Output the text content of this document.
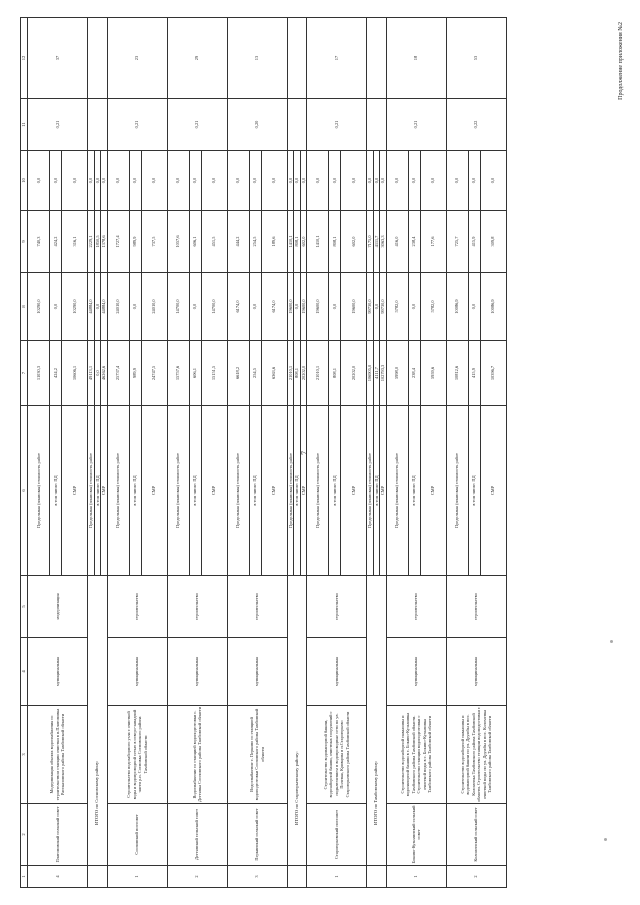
Продолжение приложения №2
7
1	2	3	4	5	6	7	8	9	10	11	12
4	Платоновский сельский совет	Модернизация объекта водоснабжения со строительством станции очистки в п.Платоновка Рассказовского района Тамбовской области	муниципальная	модернизация	Предельная (плановая) стоимость работ	11030,3	10290,0	740,3	0,0	0,21	37
					в том числе: ПД	424,2	0,0	424,2	0,0		
					СМР	10606,1	10290,0	316,1	0,0		
	ИТОГО по Сосновскому району:				Предельная (плановая) стоимость работ	49113,1	44884,0	2229,1	0,0		
					в том числе: ПД	0,0	0,0	1850,5	0,0		
					СМР	46262,6	44884,0	1378,6	0,0		
1	Сосновский поссовет	Строительство водозаборного узла с очисткой воды и водопроводной сетью в северо-западной части р.п. Сосновка Сосновского района Тамбовской области	муниципальная	строительство	Предельная (плановая) стоимость работ	25737,4	24010,0	1727,4	0,0	0,21	23
					в том числе: ПД	989,9	0,0	989,9	0,0		
					СМР	24747,5	24010,0	737,5	0,0		
2	Дегтянский сельский совет	Водоснабжение со станцией водоподготовки с. Дегтянка Сосновского района Тамбовской области	муниципальная	строительство	Предельная (плановая) стоимость работ	15757,6	14700,0	1057,6	0,0	0,21	29
					в том числе: ПД	606,1	0,0	606,1	0,0		
					СМР	15151,5	14700,0	451,5	0,0		
3	Перкинский сельский совет	Водоснабжение с. Перкино со станцией водоподготовки Сосновского района Тамбовской области	муниципальная	строительство	Предельная (плановая) стоимость работ	6618,2	6174,0	444,2	0,0	0,20	13
					в том числе: ПД	254,5	0,0	254,5	0,0		
					СМР	6363,6	6174,0	189,6	0,0		
	ИТОГО по Староюрьевскому району:				Предельная (плановая) стоимость работ	21010,1	19600,0	1410,1	0,0		
					в том числе: ПД	808,1	0,0	808,1	0,0		
					СМР	20202,0	19600,0	602,0	0,0		
1	Староюрьевский поссовет	Строительство водонапорной башни, водозаборной башни, очистных сооружений с подключением в водопроводные сети по ул. Полевая, Кривцова в п.Староюрьево Староюрьевского района Тамбовской области	муниципальная	строительство	Предельная (плановая) стоимость работ	21010,1	19600,0	1410,1	0,0	0,21	17
					в том числе: ПД	808,1	0,0	808,1	0,0		
					СМР	20202,0	19600,0	602,0	0,0		
	ИТОГО по Тамбовскому району:				Предельная (плановая) стоимость работ	106905,0	99730,0	7175,0	0,0		
					в том числе: ПД	4111,7	0,0	4111,7	0,0		
					СМР	102793,3	99730,0	3063,3	0,0		
1	Бокино-Кузьминский сельский совет	Строительство водозаборной скважины и водонапорной башни в с. Бокино-Кузьминка Тамбовского района Тамбовской области. Строительство станции водоподготовки с очисткой воды в с. Бокино-Кузьминка Тамбовского района Тамбовской области	муниципальная	строительство	Предельная (плановая) стоимость работ	5998,0	5782,0	416,0	0,0	0,21	18
					в том числе: ПД	238,4	0,0	238,4	0,0		
					СМР	5959,6	5782,0	177,6	0,0		
2	Коломенский сельский совет	Строительство водозаборной скважины и водонапорной башни по ул. Дружбы в пос. Коломенка Тамбовского района Тамбовской области. Строительство станции водоподготовки с очисткой воды по ул. Дружбы в пос. Коломенка Тамбовского района Тамбовской области	муниципальная	строительство	Предельная (плановая) стоимость работ	10812,6	10086,9	725,7	0,0	0,22	53
					в том числе: ПД	415,9	0,0	415,9	0,0		
					СМР	10396,7	10086,9	309,8	0,0		
